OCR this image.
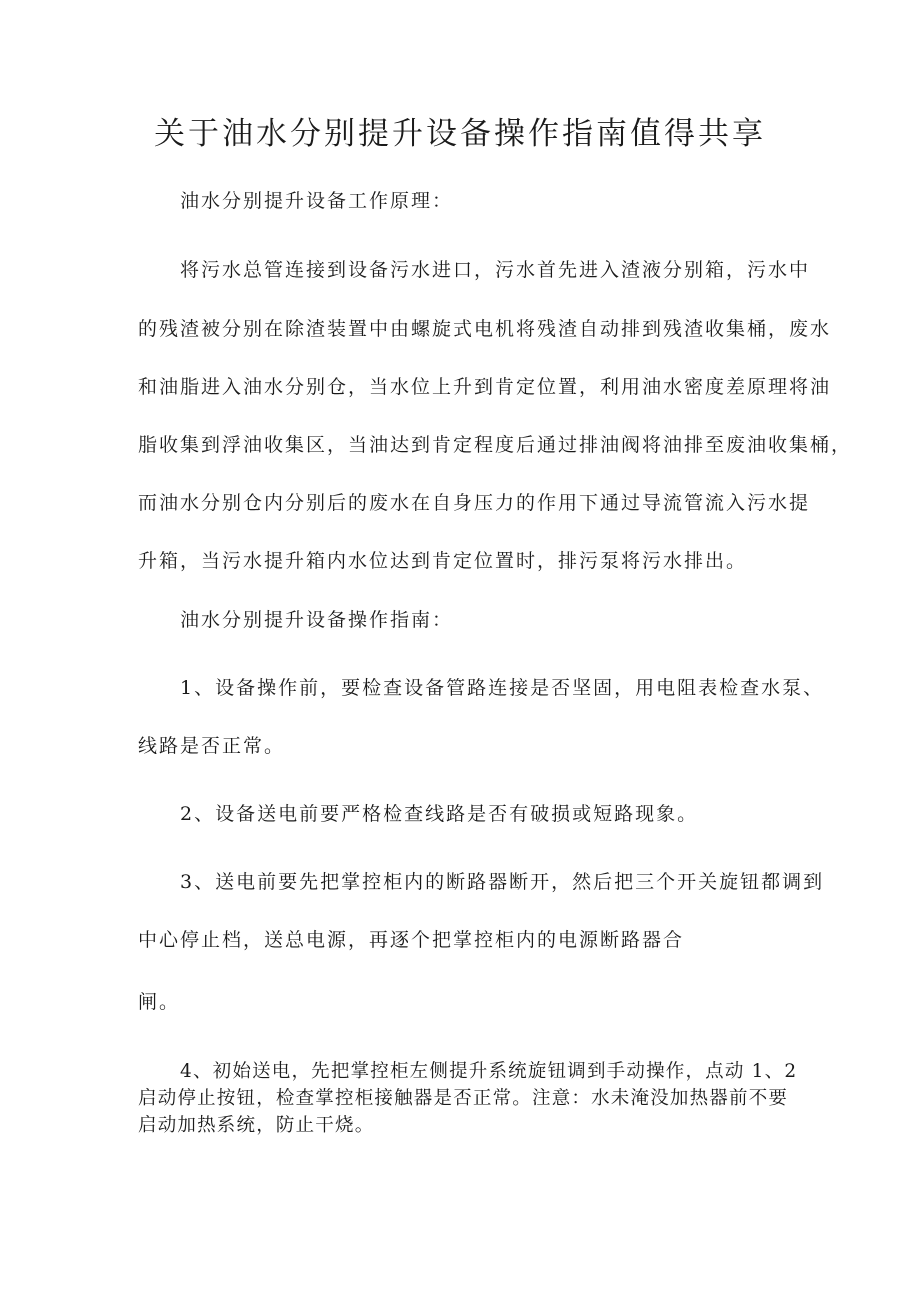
关于油水分别提升设备操作指南值得共享
油水分别提升设备工作原理：
将污水总管连接到设备污水进口，污水首先进入渣液分别箱，污水中
的残渣被分别在除渣装置中由螺旋式电机将残渣自动排到残渣收集桶，废水
和油脂进入油水分别仓，当水位上升到肯定位置，利用油水密度差原理将油
脂收集到浮油收集区，当油达到肯定程度后通过排油阀将油排至废油收集桶，
而油水分别仓内分别后的废水在自身压力的作用下通过导流管流入污水提
升箱，当污水提升箱内水位达到肯定位置时，排污泵将污水排出。
油水分别提升设备操作指南：
1、设备操作前，要检查设备管路连接是否坚固，用电阻表检查水泵、
线路是否正常。
2、设备送电前要严格检查线路是否有破损或短路现象。
3、送电前要先把掌控柜内的断路器断开，然后把三个开关旋钮都调到
中心停止档，送总电源，再逐个把掌控柜内的电源断路器合
闸。
4、初始送电，先把掌控柜左侧提升系统旋钮调到手动操作，点动 1、2
启动停止按钮，检查掌控柜接触器是否正常。注意：水未淹没加热器前不要
启动加热系统，防止干烧。
